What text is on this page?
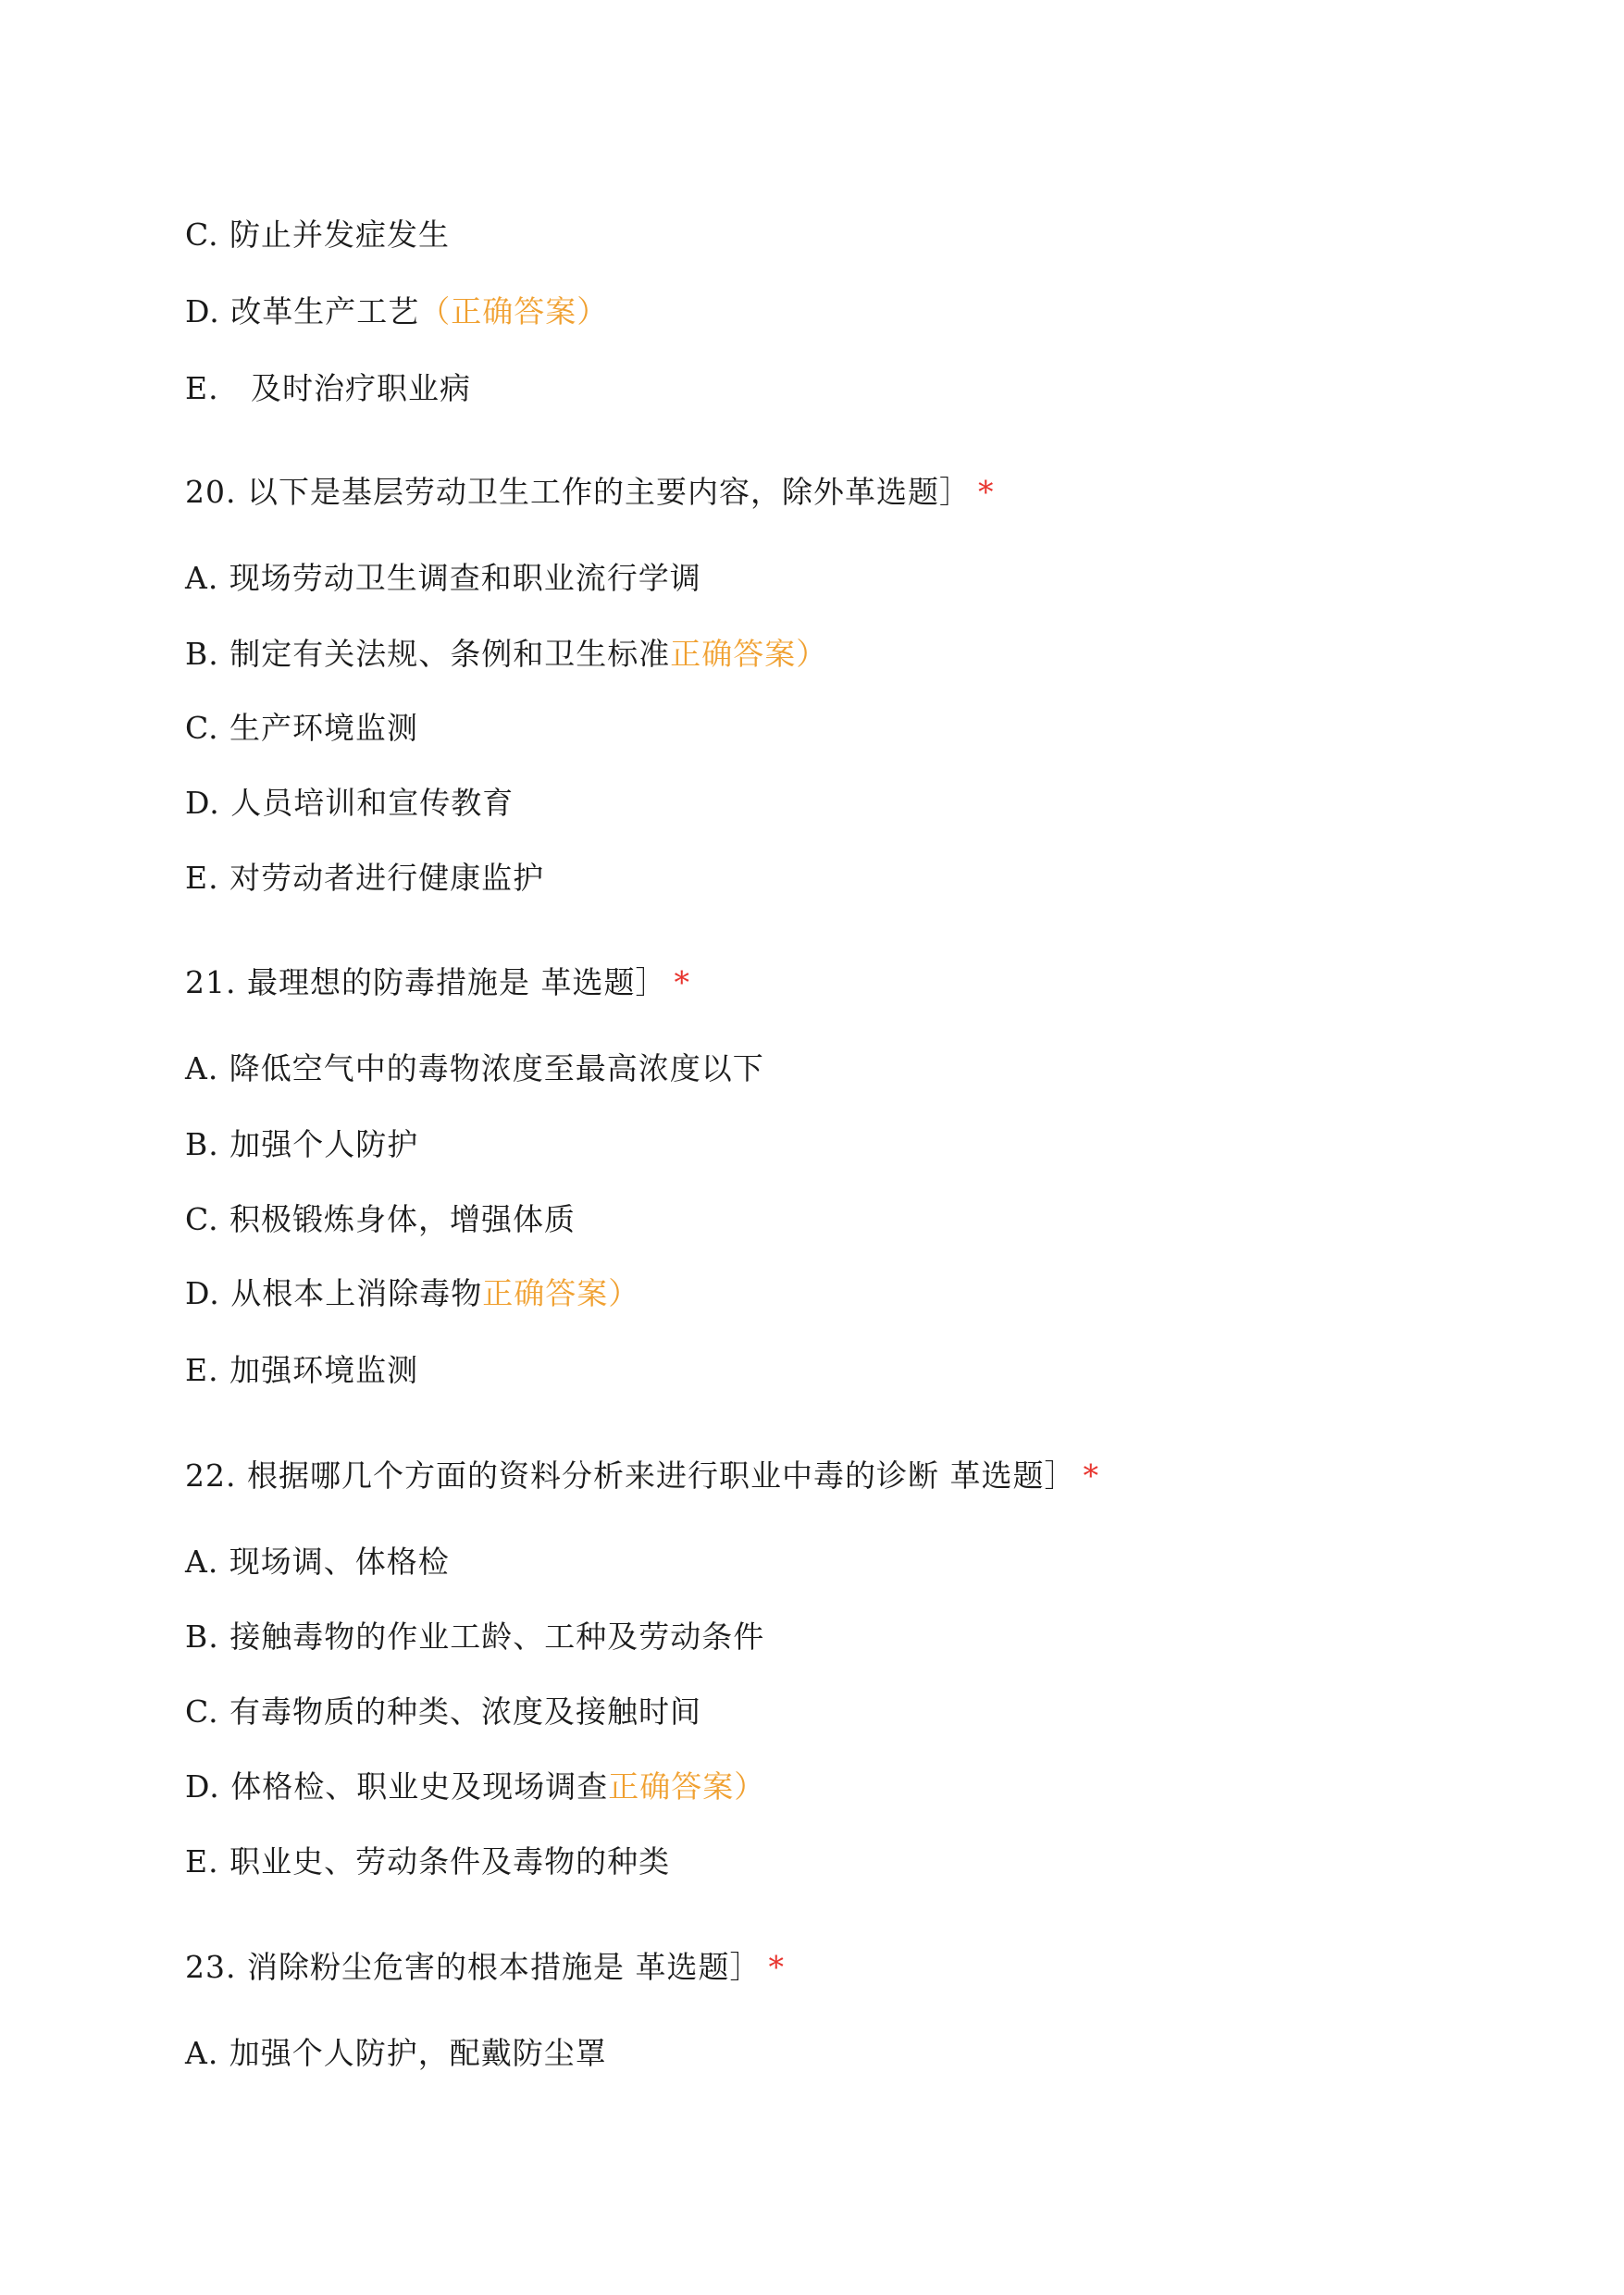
C. 防止并发症发生
D. 改革生产工艺（正确答案）
E.   及时治疗职业病
20. 以下是基层劳动卫生工作的主要内容，除外革选题］ *
A. 现场劳动卫生调查和职业流行学调
B. 制定有关法规、条例和卫生标准正确答案）
C. 生产环境监测
D. 人员培训和宣传教育
E. 对劳动者进行健康监护
21. 最理想的防毒措施是 革选题］ *
A. 降低空气中的毒物浓度至最高浓度以下
B. 加强个人防护
C. 积极锻炼身体，增强体质
D. 从根本上消除毒物正确答案）
E. 加强环境监测
22. 根据哪几个方面的资料分析来进行职业中毒的诊断 革选题］ *
A. 现场调、体格检
B. 接触毒物的作业工龄、工种及劳动条件
C. 有毒物质的种类、浓度及接触时间
D. 体格检、职业史及现场调查正确答案）
E. 职业史、劳动条件及毒物的种类
23. 消除粉尘危害的根本措施是 革选题］ *
A. 加强个人防护，配戴防尘罩
